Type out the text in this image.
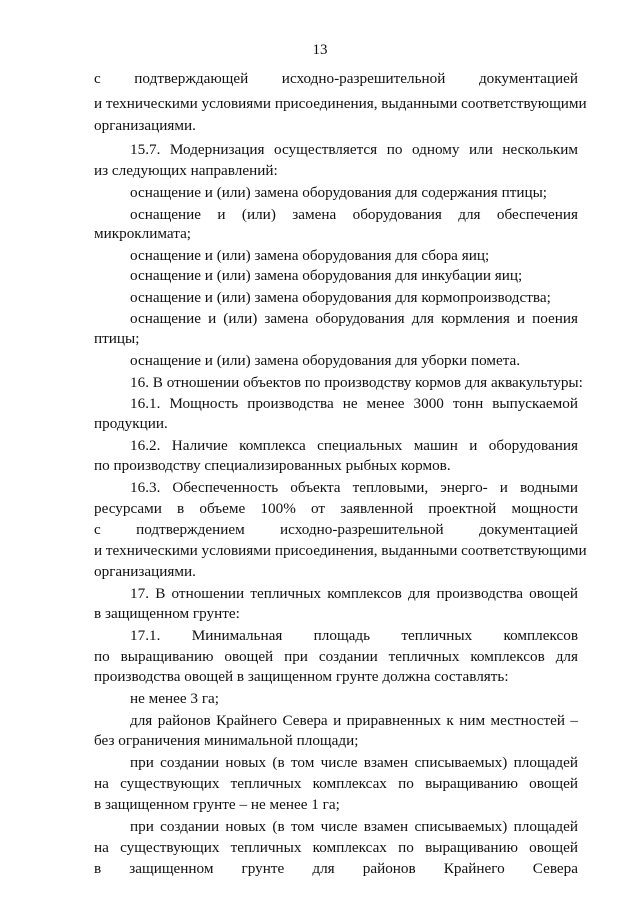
13
с подтверждающей исходно-разрешительной документацией
и техническими условиями присоединения, выданными соответствующими
организациями.
15.7. Модернизация осуществляется по одному или нескольким
из следующих направлений:
оснащение и (или) замена оборудования для содержания птицы;
оснащение и (или) замена оборудования для обеспечения
микроклимата;
оснащение и (или) замена оборудования для сбора яиц;
оснащение и (или) замена оборудования для инкубации яиц;
оснащение и (или) замена оборудования для кормопроизводства;
оснащение и (или) замена оборудования для кормления и поения
птицы;
оснащение и (или) замена оборудования для уборки помета.
16. В отношении объектов по производству кормов для аквакультуры:
16.1. Мощность производства не менее 3000 тонн выпускаемой
продукции.
16.2. Наличие комплекса специальных машин и оборудования
по производству специализированных рыбных кормов.
16.3. Обеспеченность объекта тепловыми, энерго- и водными
ресурсами в объеме 100% от заявленной проектной мощности
с подтверждением исходно-разрешительной документацией
и техническими условиями присоединения, выданными соответствующими
организациями.
17. В отношении тепличных комплексов для производства овощей
в защищенном грунте:
17.1. Минимальная площадь тепличных комплексов
по выращиванию овощей при создании тепличных комплексов для
производства овощей в защищенном грунте должна составлять:
не менее 3 га;
для районов Крайнего Севера и приравненных к ним местностей –
без ограничения минимальной площади;
при создании новых (в том числе взамен списываемых) площадей
на существующих тепличных комплексах по выращиванию овощей
в защищенном грунте – не менее 1 га;
при создании новых (в том числе взамен списываемых) площадей
на существующих тепличных комплексах по выращиванию овощей
в защищенном грунте для районов Крайнего Севера
